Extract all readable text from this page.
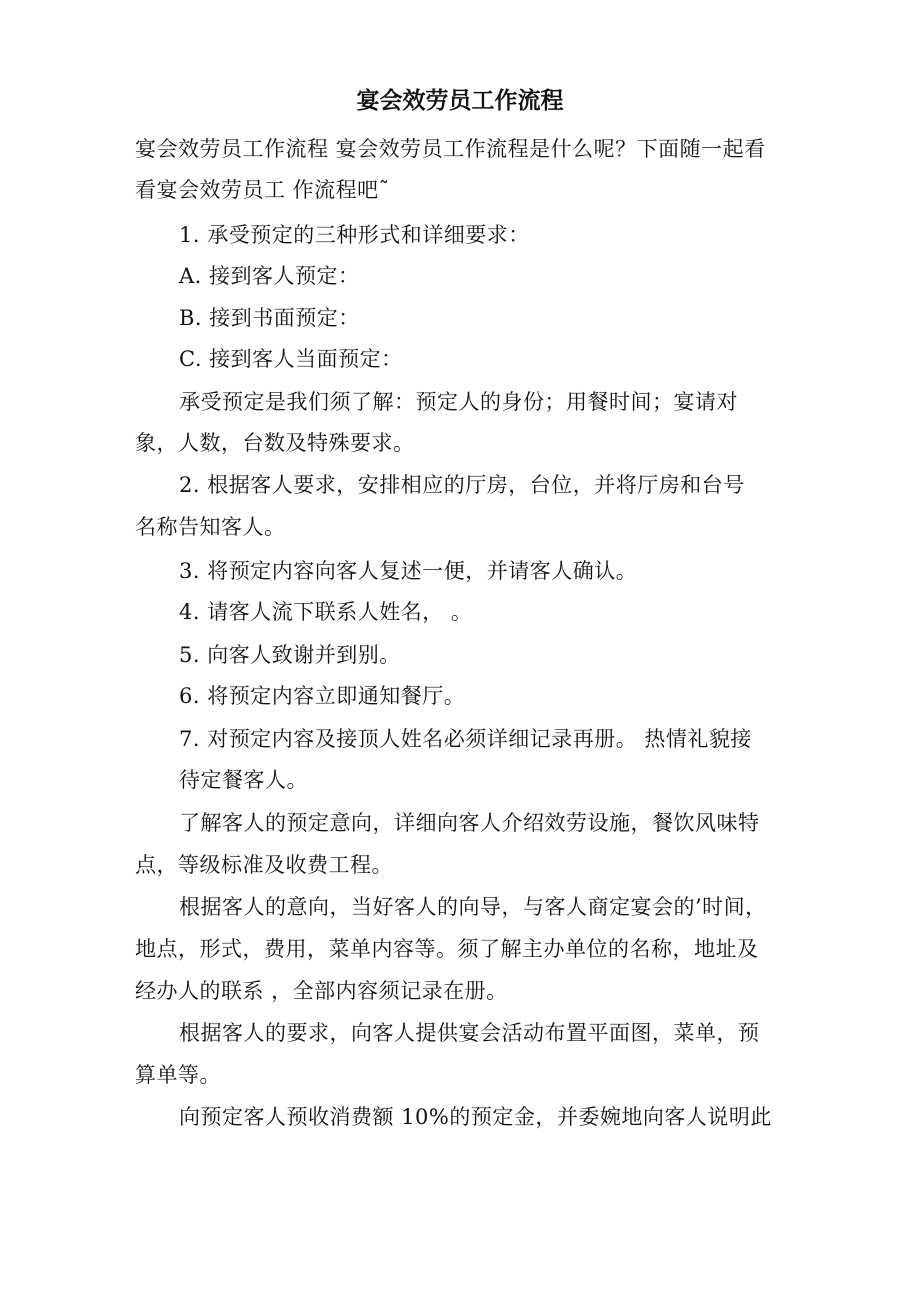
宴会效劳员工作流程
宴会效劳员工作流程 宴会效劳员工作流程是什么呢？下面随一起看
看宴会效劳员工 作流程吧˜
1. 承受预定的三种形式和详细要求：
A. 接到客人预定：
B. 接到书面预定：
C. 接到客人当面预定：
承受预定是我们须了解：预定人的身份；用餐时间；宴请对
象，人数，台数及特殊要求。
2. 根据客人要求，安排相应的厅房，台位，并将厅房和台号
名称告知客人。
3. 将预定内容向客人复述一便，并请客人确认。
4. 请客人流下联系人姓名， 。
5. 向客人致谢并到别。
6. 将预定内容立即通知餐厅。
7. 对预定内容及接顶人姓名必须详细记录再册。 热情礼貌接
待定餐客人。
了解客人的预定意向，详细向客人介绍效劳设施，餐饮风味特
点，等级标准及收费工程。
根据客人的意向，当好客人的向导，与客人商定宴会的’时间，
地点，形式，费用，菜单内容等。须了解主办单位的名称，地址及
经办人的联系 ，全部内容须记录在册。
根据客人的要求，向客人提供宴会活动布置平面图，菜单，预
算单等。
向预定客人预收消费额 10%的预定金，并委婉地向客人说明此
